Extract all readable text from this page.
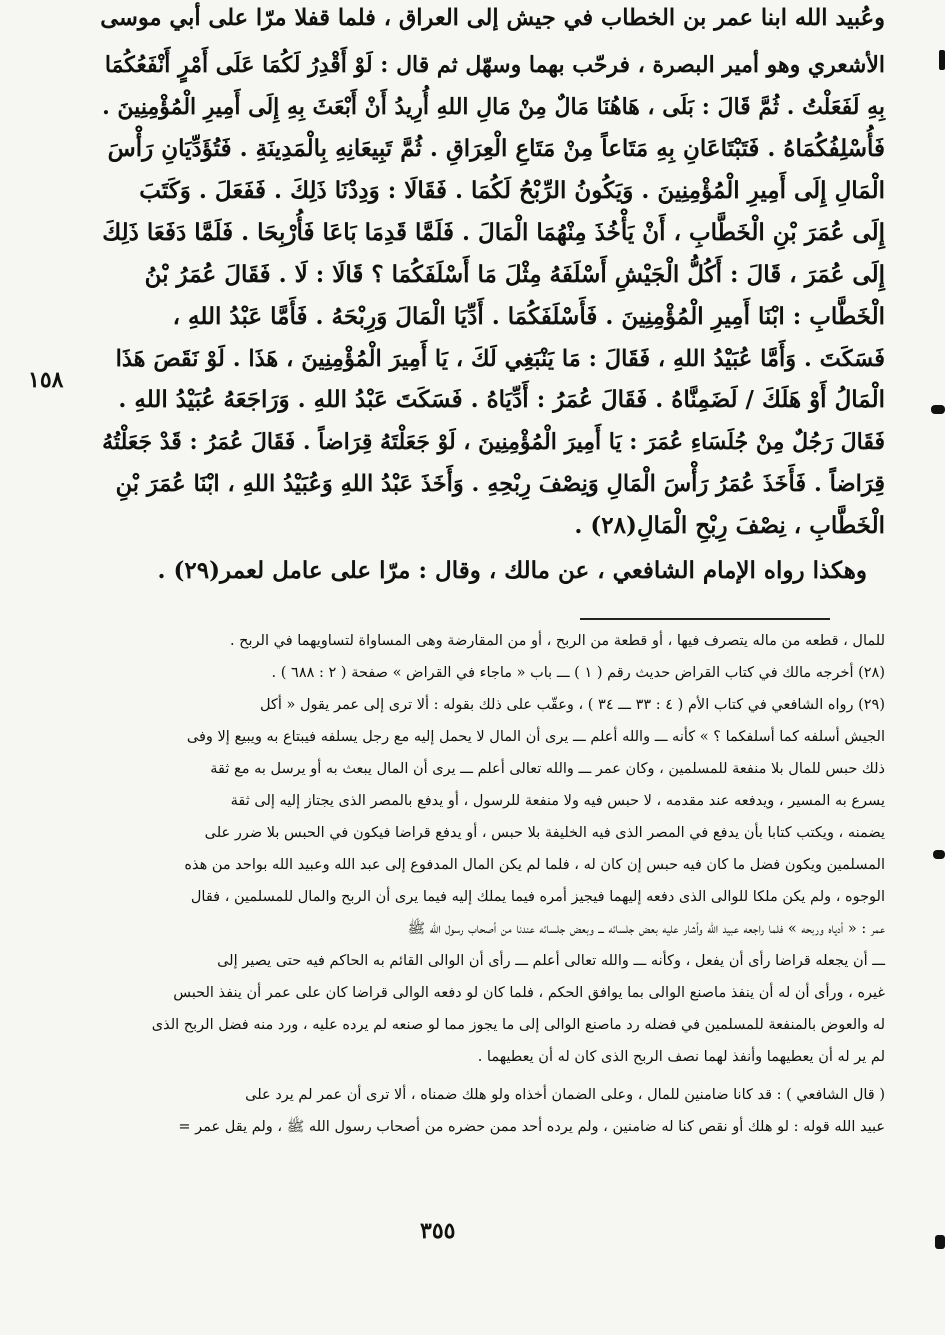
وعُبيد الله ابنا عمر بن الخطاب في جيش إلى العراق ، فلما قفلا مرّا على أبي موسى
الأشعري وهو أمير البصرة ، فرحّب بهما وسهّل ثم قال : لَوْ أَقْدِرُ لَكُمَا عَلَى أَمْرٍ أَنْفَعُكُمَا
بِهِ لَفَعَلْتُ . ثُمَّ قَالَ : بَلَى ، هَاهُنَا مَالٌ مِنْ مَالِ اللهِ أُرِيدُ أَنْ أَبْعَثَ بِهِ إِلَى أَمِيرِ الْمُؤْمِنِينَ .
فَأُسْلِفُكُمَاهُ . فَتَبْتَاعَانِ بِهِ مَتَاعاً مِنْ مَتَاعِ الْعِرَاقِ . ثُمَّ تَبِيعَانِهِ بِالْمَدِينَةِ . فَتُؤَدِّيَانِ رَأْسَ
الْمَالِ إِلَى أَمِيرِ الْمُؤْمِنِينَ . وَيَكُونُ الرِّبْحُ لَكُمَا . فَقَالَا : وَدِدْنَا ذَلِكَ . فَفَعَلَ . وَكَتَبَ
إِلَى عُمَرَ بْنِ الْخَطَّابِ ، أَنْ يَأْخُذَ مِنْهُمَا الْمَالَ . فَلَمَّا قَدِمَا بَاعَا فَأُرْبِحَا . فَلَمَّا دَفَعَا ذَلِكَ
إِلَى عُمَرَ ، قَالَ : أَكُلُّ الْجَيْشِ أَسْلَفَهُ مِثْلَ مَا أَسْلَفَكُمَا ؟ قَالَا : لَا . فَقَالَ عُمَرُ بْنُ
الْخَطَّابِ : ابْنَا أَمِيرِ الْمُؤْمِنِينَ . فَأَسْلَفَكُمَا . أَدِّيَا الْمَالَ وَرِبْحَهُ . فَأَمَّا عَبْدُ اللهِ ،
فَسَكَتَ . وَأَمَّا عُبَيْدُ اللهِ ، فَقَالَ : مَا يَنْبَغِي لَكَ ، يَا أَمِيرَ الْمُؤْمِنِينَ ، هَذَا . لَوْ نَقَصَ هَذَا
الْمَالُ أَوْ هَلَكَ / لَضَمِنَّاهُ . فَقَالَ عُمَرُ : أَدِّيَاهُ . فَسَكَتَ عَبْدُ اللهِ . وَرَاجَعَهُ عُبَيْدُ اللهِ .
فَقَالَ رَجُلٌ مِنْ جُلَسَاءِ عُمَرَ : يَا أَمِيرَ الْمُؤْمِنِينَ ، لَوْ جَعَلْتَهُ قِرَاضاً . فَقَالَ عُمَرُ : قَدْ جَعَلْتُهُ
قِرَاضاً . فَأَخَذَ عُمَرُ رَأْسَ الْمَالِ وَنِصْفَ رِبْحِهِ . وَأَخَذَ عَبْدُ اللهِ وَعُبَيْدُ اللهِ ، ابْنَا عُمَرَ بْنِ
الْخَطَّابِ ، نِصْفَ رِبْحِ الْمَالِ(٢٨) .
وهكذا رواه الإمام الشافعي ، عن مالك ، وقال : مرّا على عامل لعمر(٢٩) .
١٥٨
للمال ، قطعه من ماله يتصرف فيها ، أو قطعة من الربح ، أو من المقارضة وهى المساواة لتساويهما في الربح .
(٢٨) أخرجه مالك في كتاب القراض حديث رقم ( ١ ) ـــ باب « ماجاء في القراض » صفحة ( ٢ : ٦٨٨ ) .
(٢٩) رواه الشافعي في كتاب الأم ( ٤ : ٣٣ ـــ ٣٤ ) ، وعقّب على ذلك بقوله : ألا ترى إلى عمر يقول « أكل
الجيش أسلفه كما أسلفكما ؟ » كأنه ـــ والله أعلم ـــ يرى أن المال لا يحمل إليه مع رجل يسلفه فيبتاع به ويبيع إلا وفى
ذلك حبس للمال بلا منفعة للمسلمين ، وكان عمر ـــ والله تعالى أعلم ـــ يرى أن المال يبعث به أو يرسل به مع ثقة
يسرع به المسير ، ويدفعه عند مقدمه ، لا حبس فيه ولا منفعة للرسول ، أو يدفع بالمصر الذى يجتاز إليه إلى ثقة
يضمنه ، ويكتب كتابا بأن يدفع في المصر الذى فيه الخليفة بلا حبس ، أو يدفع قراضا فيكون في الحبس بلا ضرر على
المسلمين ويكون فضل ما كان فيه حبس إن كان له ، فلما لم يكن المال المدفوع إلى عبد الله وعبيد الله بواحد من هذه
الوجوه ، ولم يكن ملكا للوالى الذى دفعه إليهما فيجيز أمره فيما يملك إليه فيما يرى أن الربح والمال للمسلمين ، فقال
عمر : « أدياه وربحه » فلما راجعه عبيد الله وأشار عليه بعض جلسائه ـــ وبعض جلسائه عندنا من أصحاب رسول الله ﷺ
ـــ أن يجعله قراضا رأى أن يفعل ، وكأنه ـــ والله تعالى أعلم ـــ رأى أن الوالى القائم به الحاكم فيه حتى يصير إلى
غيره ، ورأى أن له أن ينفذ ماصنع الوالى بما يوافق الحكم ، فلما كان لو دفعه الوالى قراضا كان على عمر أن ينفذ الحبس
له والعوض بالمنفعة للمسلمين في فضله رد ماصنع الوالى إلى ما يجوز مما لو صنعه لم يرده عليه ، ورد منه فضل الربح الذى
لم ير له أن يعطيهما وأنفذ لهما نصف الربح الذى كان له أن يعطيهما .
( قال الشافعي ) : قد كانا ضامنين للمال ، وعلى الضمان أخذاه ولو هلك ضمناه ، ألا ترى أن عمر لم يرد على
عبيد الله قوله : لو هلك أو نقص كنا له ضامنين ، ولم يرده أحد ممن حضره من أصحاب رسول الله ﷺ ، ولم يقل عمر =
٣٥٥
